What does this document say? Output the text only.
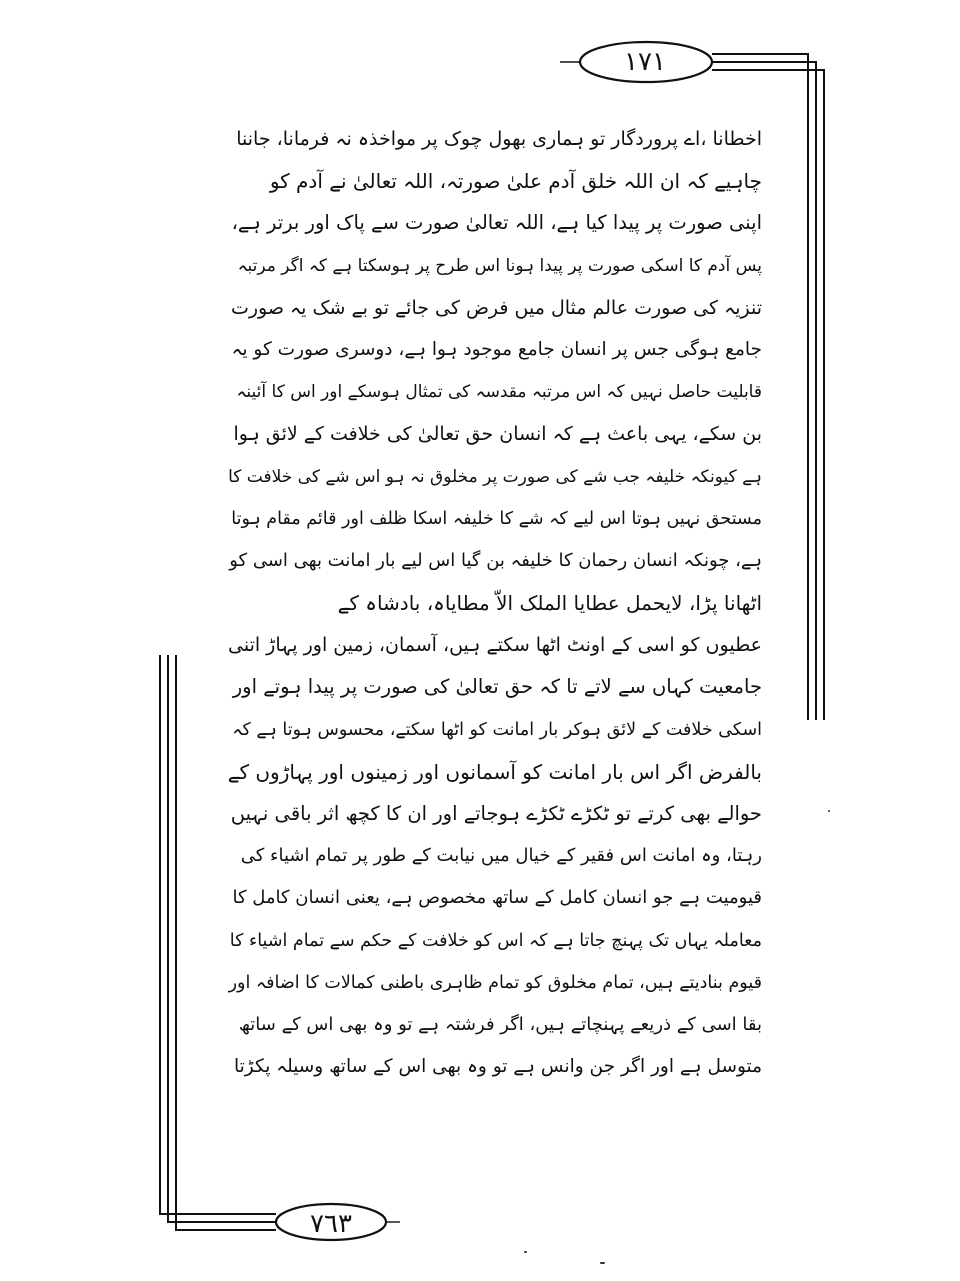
١٧١
٧٦٣
اخطانا ،اے پروردگار تو ہماری بھول چوک پر مواخذہ نہ فرمانا، جاننا
چاہیے کہ ان اللہ خلق آدم علیٰ صورتہ، اللہ تعالیٰ نے آدم کو
اپنی صورت پر پیدا کیا ہے، اللہ تعالیٰ صورت سے پاک اور برتر ہے،
پس آدم کا اسکی صورت پر پیدا ہونا اس طرح پر ہوسکتا ہے کہ اگر مرتبہ
تنزیہ کی صورت عالم مثال میں فرض کی جائے تو بے شک یہ صورت
جامع ہوگی جس پر انسان جامع موجود ہوا ہے، دوسری صورت کو یہ
قابلیت حاصل نہیں کہ اس مرتبہ مقدسہ کی تمثال ہوسکے اور اس کا آئینہ
بن سکے، یہی باعث ہے کہ انسان حق تعالیٰ کی خلافت کے لائق ہوا
ہے کیونکہ خلیفہ جب شے کی صورت پر مخلوق نہ ہو اس شے کی خلافت کا
مستحق نہیں ہوتا اس لیے کہ شے کا خلیفہ اسکا ظلف اور قائم مقام ہوتا
ہے، چونکہ انسان رحمان کا خلیفہ بن گیا اس لیے بار امانت بھی اسی کو
اٹھانا پڑا، لایحمل عطایا الملک الاّ مطایاہ، بادشاہ کے
عطیوں کو اسی کے اونٹ اٹھا سکتے ہیں، آسمان، زمین اور پہاڑ اتنی
جامعیت کہاں سے لاتے تا کہ حق تعالیٰ کی صورت پر پیدا ہوتے اور
اسکی خلافت کے لائق ہوکر بار امانت کو اٹھا سکتے، محسوس ہوتا ہے کہ
بالفرض اگر اس بار امانت کو آسمانوں اور زمینوں اور پہاڑوں کے
حوالے بھی کرتے تو ٹکڑے ٹکڑے ہوجاتے اور ان کا کچھ اثر باقی نہیں
رہتا، وہ امانت اس فقیر کے خیال میں نیابت کے طور پر تمام اشیاء کی
قیومیت ہے جو انسان کامل کے ساتھ مخصوص ہے، یعنی انسان کامل کا
معاملہ یہاں تک پہنچ جاتا ہے کہ اس کو خلافت کے حکم سے تمام اشیاء کا
قیوم بنادیتے ہیں، تمام مخلوق کو تمام ظاہری باطنی کمالات کا اضافہ اور
بقا اسی کے ذریعے پہنچاتے ہیں، اگر فرشتہ ہے تو وہ بھی اس کے ساتھ
متوسل ہے اور اگر جن وانس ہے تو وہ بھی اس کے ساتھ وسیلہ پکڑتا
